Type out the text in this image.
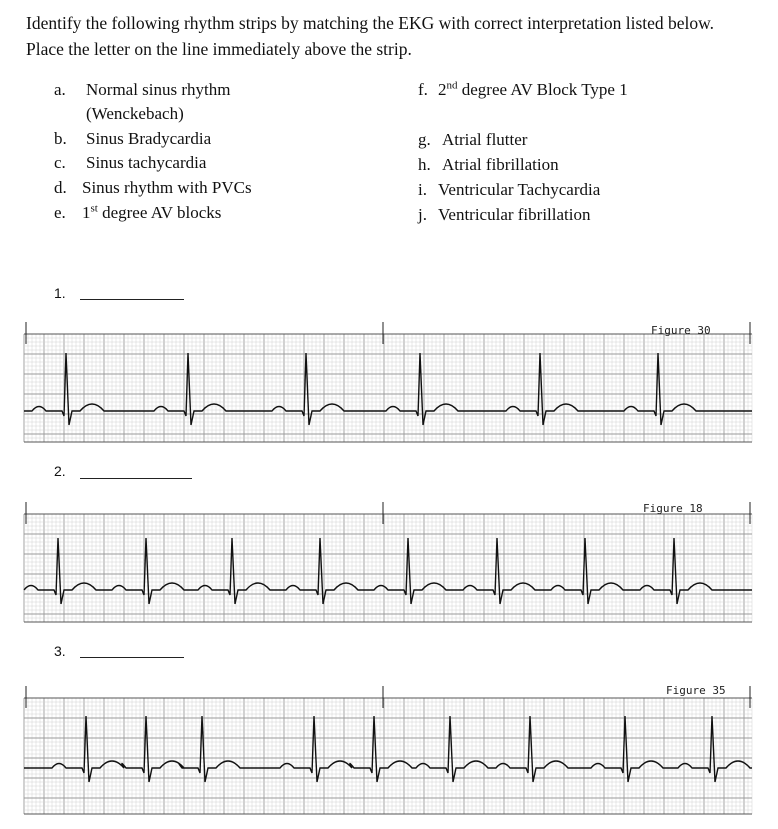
Identify the following rhythm strips by matching the EKG with correct interpretation listed below. Place the letter on the line immediately above the strip.
a. Normal sinus rhythm
(Wenckebach)
b. Sinus Bradycardia
c. Sinus tachycardia
d. Sinus rhythm with PVCs
e. 1st degree AV blocks
f. 2nd degree AV Block Type 1
g. Atrial flutter
h. Atrial fibrillation
i. Ventricular Tachycardia
j. Ventricular fibrillation
1.
Figure 30
2.
Figure 18
3.
Figure 35
